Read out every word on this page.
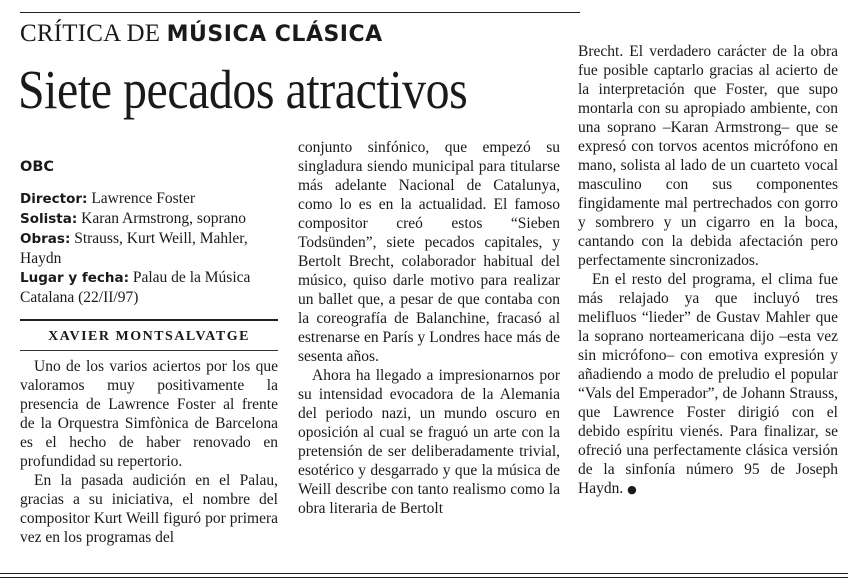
CRÍTICA DE MÚSICA CLÁSICA
Siete pecados atractivos
OBC
Director: Lawrence Foster
Solista: Karan Armstrong, soprano
Obras: Strauss, Kurt Weill, Mahler, Haydn
Lugar y fecha: Palau de la Música Catalana (22/II/97)
XAVIER MONTSALVATGE

Uno de los varios aciertos por los que valoramos muy positivamente la presencia de Lawrence Foster al frente de la Orquestra Simfònica de Barcelona es el hecho de haber renovado en profundidad su repertorio.

En la pasada audición en el Palau, gracias a su iniciativa, el nombre del compositor Kurt Weill figuró por primera vez en los programas del

conjunto sinfónico, que empezó su singladura siendo municipal para titularse más adelante Nacional de Catalunya, como lo es en la actualidad. El famoso compositor creó estos “Sieben Todsünden”, siete pecados capitales, y Bertolt Brecht, colaborador habitual del músico, quiso darle motivo para realizar un ballet que, a pesar de que contaba con la coreografía de Balanchine, fracasó al estrenarse en París y Londres hace más de sesenta años.

Ahora ha llegado a impresionarnos por su intensidad evocadora de la Alemania del periodo nazi, un mundo oscuro en oposición al cual se fraguó un arte con la pretensión de ser deliberadamente trivial, esotérico y desgarrado y que la música de Weill describe con tanto realismo como la obra literaria de Bertolt

Brecht. El verdadero carácter de la obra fue posible captarlo gracias al acierto de la interpretación que Foster, que supo montarla con su apropiado ambiente, con una soprano –Karan Armstrong– que se expresó con torvos acentos micrófono en mano, solista al lado de un cuarteto vocal masculino con sus componentes fingidamente mal pertrechados con gorro y sombrero y un cigarro en la boca, cantando con la debida afectación pero perfectamente sincronizados.

En el resto del programa, el clima fue más relajado ya que incluyó tres melifluos “lieder” de Gustav Mahler que la soprano norteamericana dijo –esta vez sin micrófono– con emotiva expresión y añadiendo a modo de preludio el popular “Vals del Emperador”, de Johann Strauss, que Lawrence Foster dirigió con el debido espíritu vienés. Para finalizar, se ofreció una perfectamente clásica versión de la sinfonía número 95 de Joseph Haydn. ●
